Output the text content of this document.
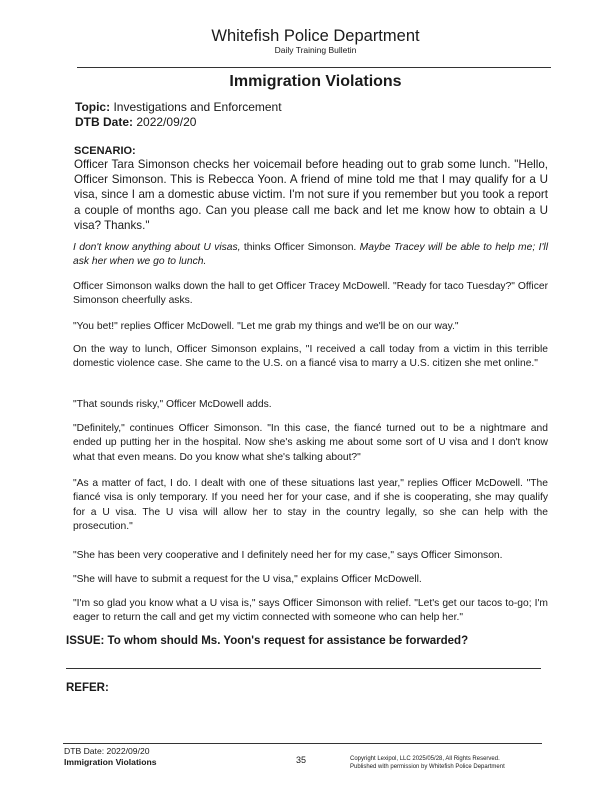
Whitefish Police Department
Daily Training Bulletin
Immigration Violations
Topic: Investigations and Enforcement
DTB Date: 2022/09/20
SCENARIO:
Officer Tara Simonson checks her voicemail before heading out to grab some lunch. "Hello, Officer Simonson. This is Rebecca Yoon. A friend of mine told me that I may qualify for a U visa, since I am a domestic abuse victim. I'm not sure if you remember but you took a report a couple of months ago. Can you please call me back and let me know how to obtain a U visa? Thanks."
I don't know anything about U visas, thinks Officer Simonson. Maybe Tracey will be able to help me; I'll ask her when we go to lunch.
Officer Simonson walks down the hall to get Officer Tracey McDowell. "Ready for taco Tuesday?" Officer Simonson cheerfully asks.
"You bet!" replies Officer McDowell. "Let me grab my things and we'll be on our way."
On the way to lunch, Officer Simonson explains, "I received a call today from a victim in this terrible domestic violence case. She came to the U.S. on a fiancé visa to marry a U.S. citizen she met online."
"That sounds risky," Officer McDowell adds.
"Definitely," continues Officer Simonson. "In this case, the fiancé turned out to be a nightmare and ended up putting her in the hospital. Now she's asking me about some sort of U visa and I don't know what that even means. Do you know what she's talking about?"
"As a matter of fact, I do. I dealt with one of these situations last year," replies Officer McDowell. "The fiancé visa is only temporary. If you need her for your case, and if she is cooperating, she may qualify for a U visa. The U visa will allow her to stay in the country legally, so she can help with the prosecution."
"She has been very cooperative and I definitely need her for my case," says Officer Simonson.
"She will have to submit a request for the U visa," explains Officer McDowell.
"I'm so glad you know what a U visa is," says Officer Simonson with relief. "Let's get our tacos to-go; I'm eager to return the call and get my victim connected with someone who can help her."
ISSUE: To whom should Ms. Yoon's request for assistance be forwarded?
REFER:
DTB Date: 2022/09/20
Immigration Violations	35	Copyright Lexipol, LLC 2025/05/28, All Rights Reserved.
Published with permission by Whitefish Police Department
